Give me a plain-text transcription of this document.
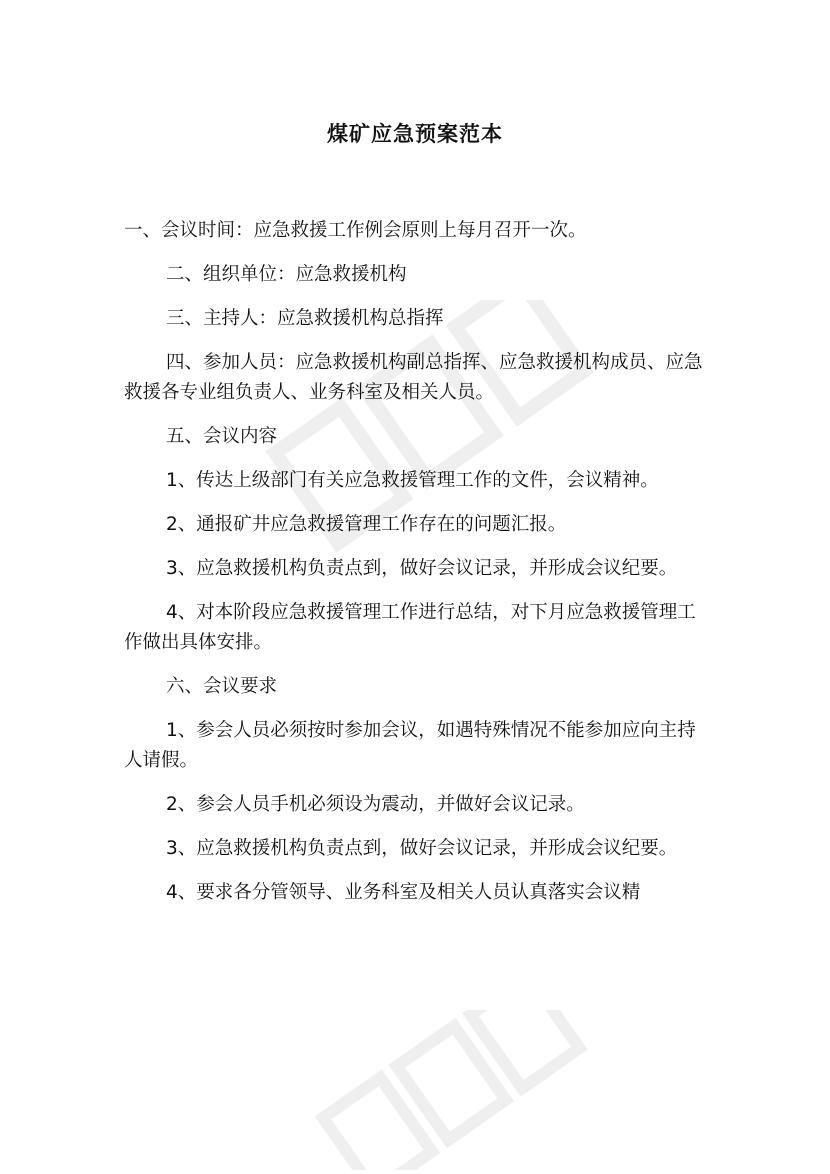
煤矿应急预案范本

一、会议时间：应急救援工作例会原则上每月召开一次。

二、组织单位：应急救援机构

三、主持人：应急救援机构总指挥

四、参加人员：应急救援机构副总指挥、应急救援机构成员、应急救援各专业组负责人、业务科室及相关人员。

五、会议内容

1、传达上级部门有关应急救援管理工作的文件，会议精神。

2、通报矿井应急救援管理工作存在的问题汇报。

3、应急救援机构负责点到，做好会议记录，并形成会议纪要。

4、对本阶段应急救援管理工作进行总结，对下月应急救援管理工作做出具体安排。

六、会议要求

1、参会人员必须按时参加会议，如遇特殊情况不能参加应向主持人请假。

2、参会人员手机必须设为震动，并做好会议记录。

3、应急救援机构负责点到，做好会议记录，并形成会议纪要。

4、要求各分管领导、业务科室及相关人员认真落实会议精
